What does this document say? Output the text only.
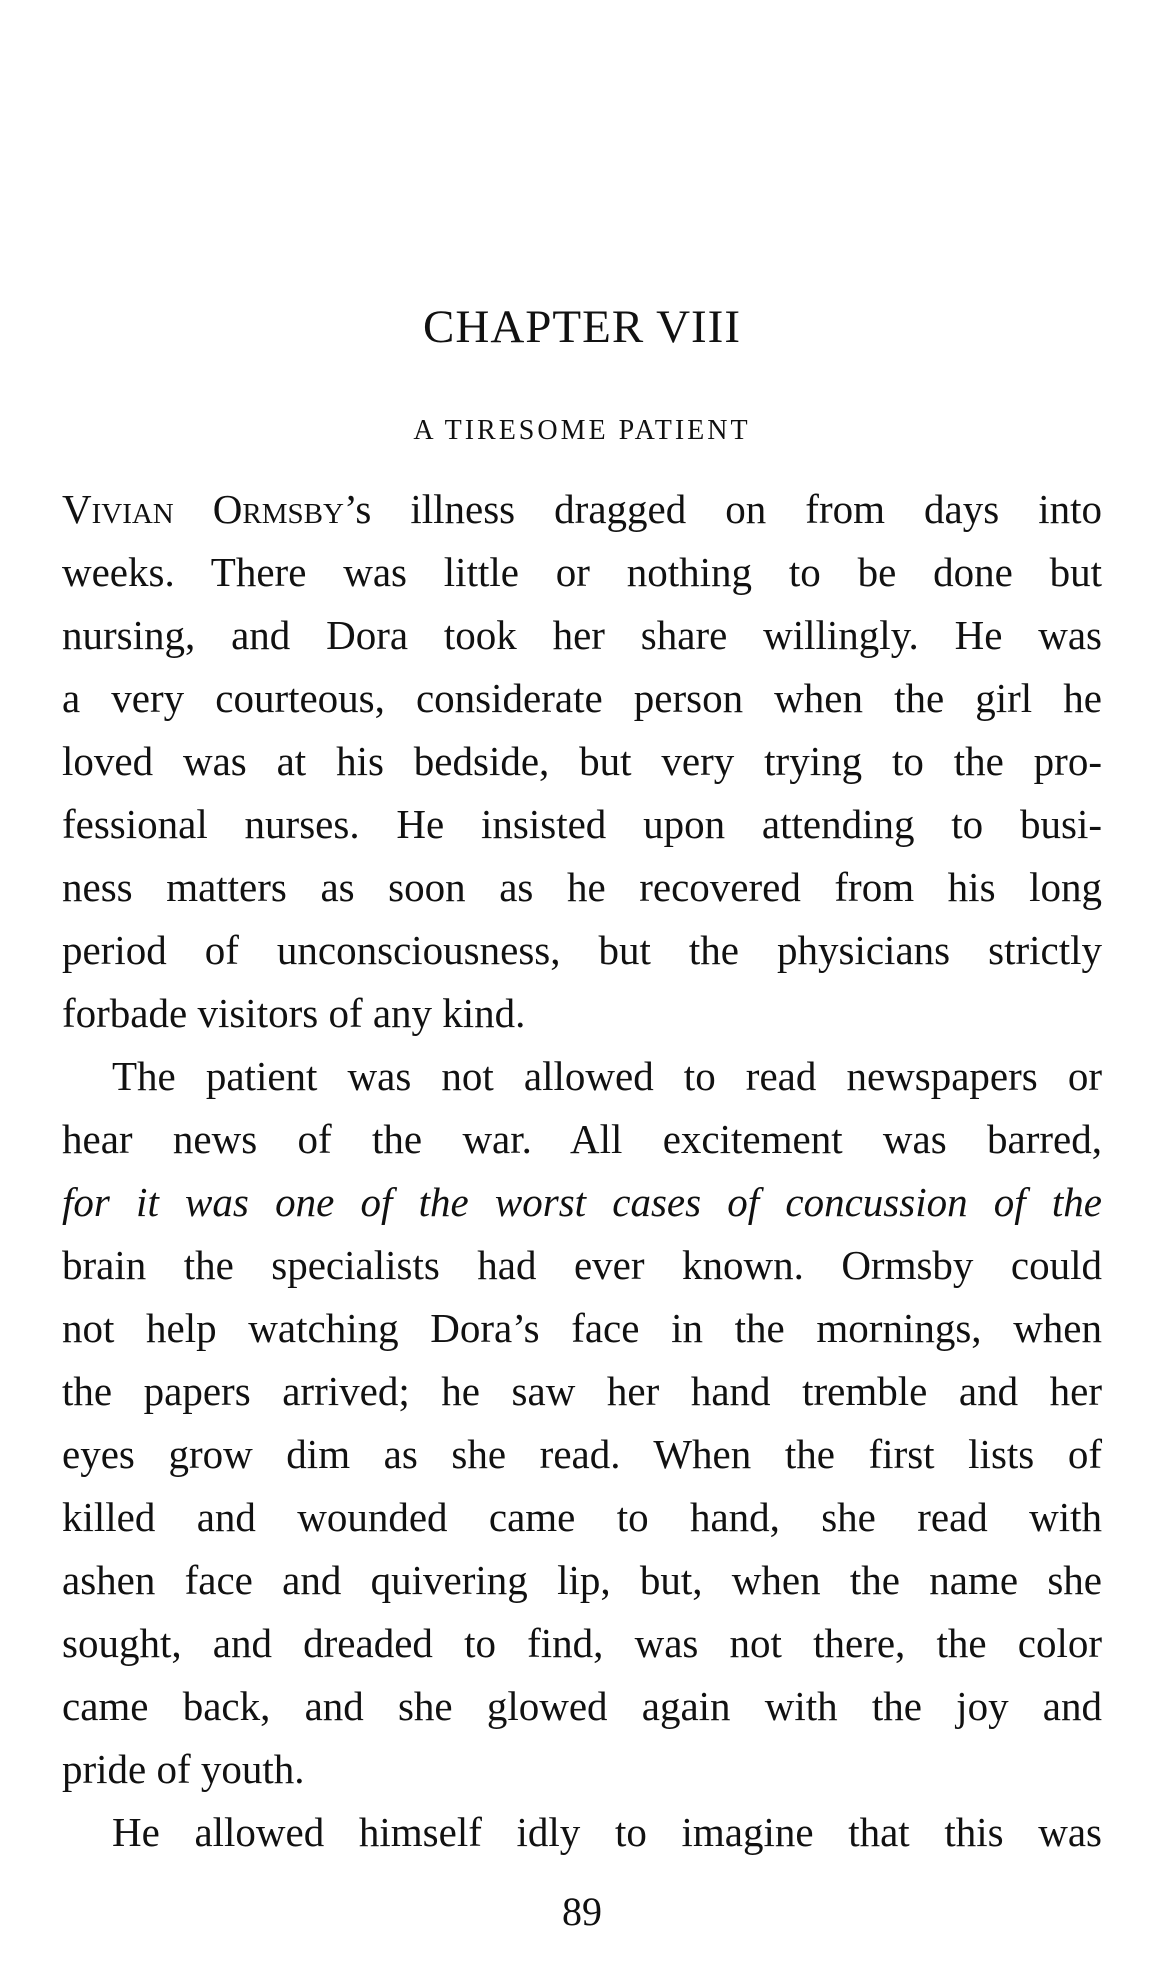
CHAPTER VIII
A TIRESOME PATIENT
Vivian Ormsby’s illness dragged on from days into
weeks. There was little or nothing to be done but
nursing, and Dora took her share willingly. He was
a very courteous, considerate person when the girl he
loved was at his bedside, but very trying to the pro-
fessional nurses. He insisted upon attending to busi-
ness matters as soon as he recovered from his long
period of unconsciousness, but the physicians strictly
forbade visitors of any kind.
The patient was not allowed to read newspapers or
hear news of the war. All excitement was barred,
for it was one of the worst cases of concussion of the
brain the specialists had ever known. Ormsby could
not help watching Dora’s face in the mornings, when
the papers arrived; he saw her hand tremble and her
eyes grow dim as she read. When the first lists of
killed and wounded came to hand, she read with
ashen face and quivering lip, but, when the name she
sought, and dreaded to find, was not there, the color
came back, and she glowed again with the joy and
pride of youth.
He allowed himself idly to imagine that this was
89
